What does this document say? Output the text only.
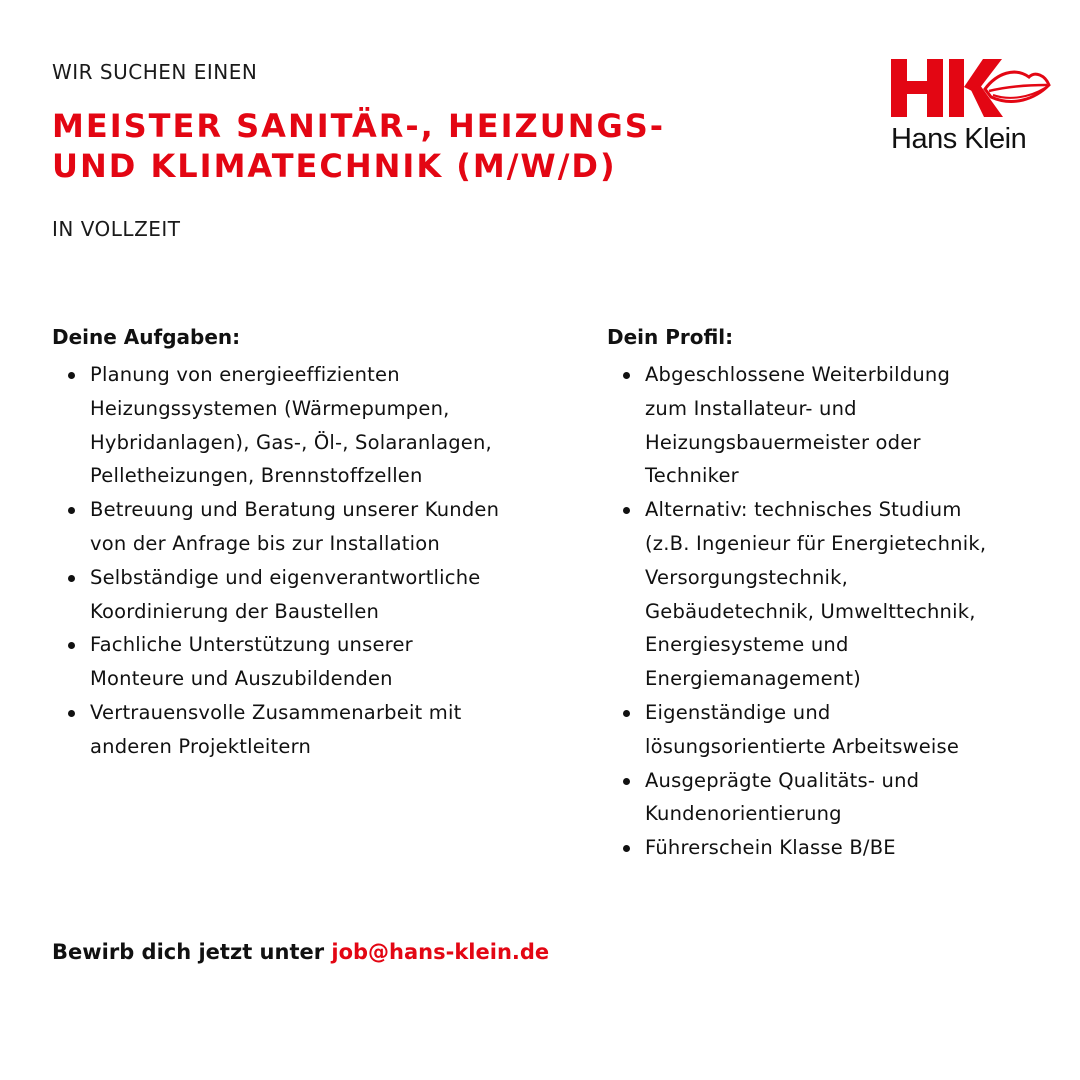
WIR SUCHEN EINEN
MEISTER SANITÄR-, HEIZUNGS-
UND KLIMATECHNIK (M/W/D)
IN VOLLZEIT
Hans Klein
Deine Aufgaben:
Planung von energieeffizienten
Heizungssystemen (Wärmepumpen,
Hybridanlagen), Gas-, Öl-, Solaranlagen,
Pelletheizungen, Brennstoffzellen
Betreuung und Beratung unserer Kunden
von der Anfrage bis zur Installation
Selbständige und eigenverantwortliche
Koordinierung der Baustellen
Fachliche Unterstützung unserer
Monteure und Auszubildenden
Vertrauensvolle Zusammenarbeit mit
anderen Projektleitern
Dein Profil:
Abgeschlossene Weiterbildung
zum Installateur- und
Heizungsbauermeister oder
Techniker
Alternativ: technisches Studium
(z.B. Ingenieur für Energietechnik,
Versorgungstechnik,
Gebäudetechnik, Umwelttechnik,
Energiesysteme und
Energiemanagement)
Eigenständige und
lösungsorientierte Arbeitsweise
Ausgeprägte Qualitäts- und
Kundenorientierung
Führerschein Klasse B/BE
Bewirb dich jetzt unter job@hans-klein.de
